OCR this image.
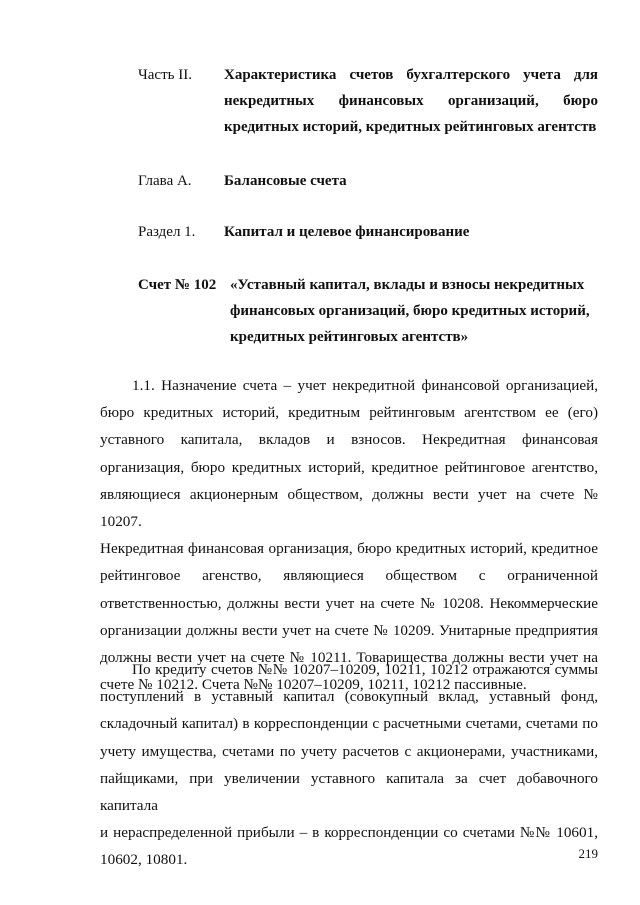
Часть II.	Характеристика счетов бухгалтерского учета для
некредитных финансовых организаций, бюро
кредитных историй, кредитных рейтинговых агентств
Глава А.	Балансовые счета
Раздел 1.	Капитал и целевое финансирование
Счет № 102 «Уставный капитал, вклады и взносы некредитных
финансовых организаций, бюро кредитных историй,
кредитных рейтинговых агентств»
1.1. Назначение счета – учет некредитной финансовой организацией,
бюро кредитных историй, кредитным рейтинговым агентством ее (его)
уставного капитала, вкладов и взносов. Некредитная финансовая
организация, бюро кредитных историй, кредитное рейтинговое агентство,
являющиеся акционерным обществом, должны вести учет на счете № 10207.
Некредитная финансовая организация, бюро кредитных историй, кредитное
рейтинговое агенство, являющиеся обществом с ограниченной
ответственностью, должны вести учет на счете № 10208. Некоммерческие
организации должны вести учет на счете № 10209. Унитарные предприятия
должны вести учет на счете № 10211. Товарищества должны вести учет на
счете № 10212. Счета №№ 10207–10209, 10211, 10212 пассивные.
По кредиту счетов №№ 10207–10209, 10211, 10212 отражаются суммы
поступлений в уставный капитал (совокупный вклад, уставный фонд,
складочный капитал) в корреспонденции с расчетными счетами, счетами по
учету имущества, счетами по учету расчетов с акционерами, участниками,
пайщиками, при увеличении уставного капитала за счет добавочного капитала
и нераспределенной прибыли – в корреспонденции со счетами №№ 10601,
10602, 10801.	219
